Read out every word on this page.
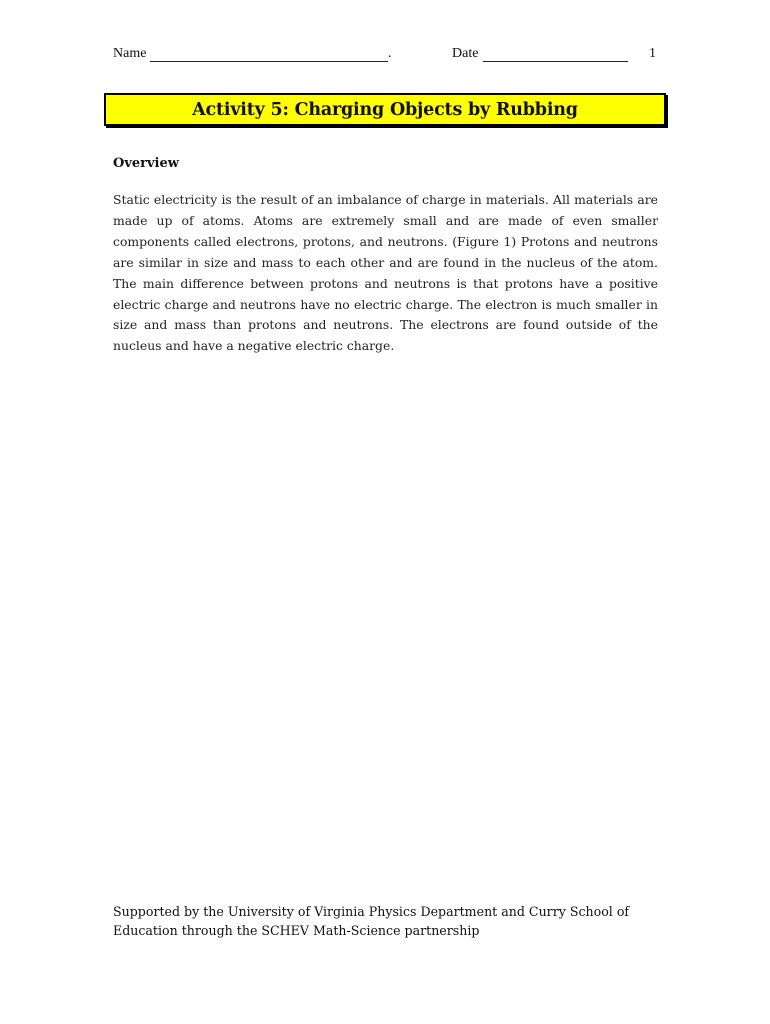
Name	.	Date	1
Activity 5: Charging Objects by Rubbing
Overview

Static electricity is the result of an imbalance of charge in materials. All materials are made up of atoms. Atoms are extremely small and are made of even smaller components called electrons, protons, and neutrons. (Figure 1) Protons and neutrons are similar in size and mass to each other and are found in the nucleus of the atom. The main difference between protons and neutrons is that protons have a positive electric charge and neutrons have no electric charge. The electron is much smaller in size and mass than protons and neutrons. The electrons are found outside of the nucleus and have a negative electric charge.

Supported by the University of Virginia Physics Department and Curry School of Education through the SCHEV Math-Science partnership
